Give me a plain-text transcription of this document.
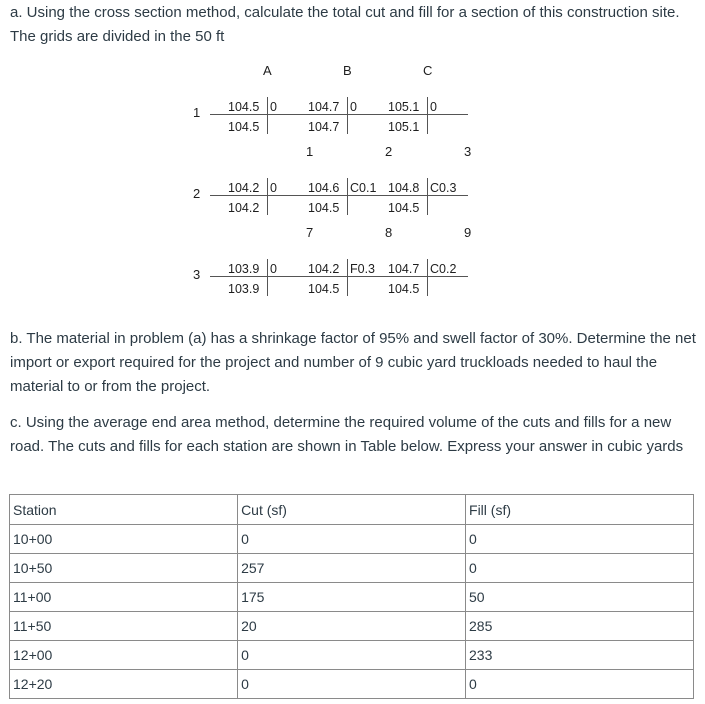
a. Using the cross section method, calculate the total cut and fill for a section of this construction site. The grids are divided in the 50 ft

A	B	C
1
2
3
104.5 0
104.5
104.7 0
104.7
105.1 0
105.1
1	2	3
104.2 0
104.2
104.6 C0.1
104.5
104.8 C0.3
104.5
7	8	9
103.9 0
103.9
104.2 F0.3
104.5
104.7 C0.2
104.5

b. The material in problem (a) has a shrinkage factor of 95% and swell factor of 30%. Determine the net import or export required for the project and number of 9 cubic yard truckloads needed to haul the material to or from the project.

c. Using the average end area method, determine the required volume of the cuts and fills for a new road. The cuts and fills for each station are shown in Table below. Express your answer in cubic yards

Station	Cut (sf)	Fill (sf)
10+00	0	0
10+50	257	0
11+00	175	50
11+50	20	285
12+00	0	233
12+20	0	0
